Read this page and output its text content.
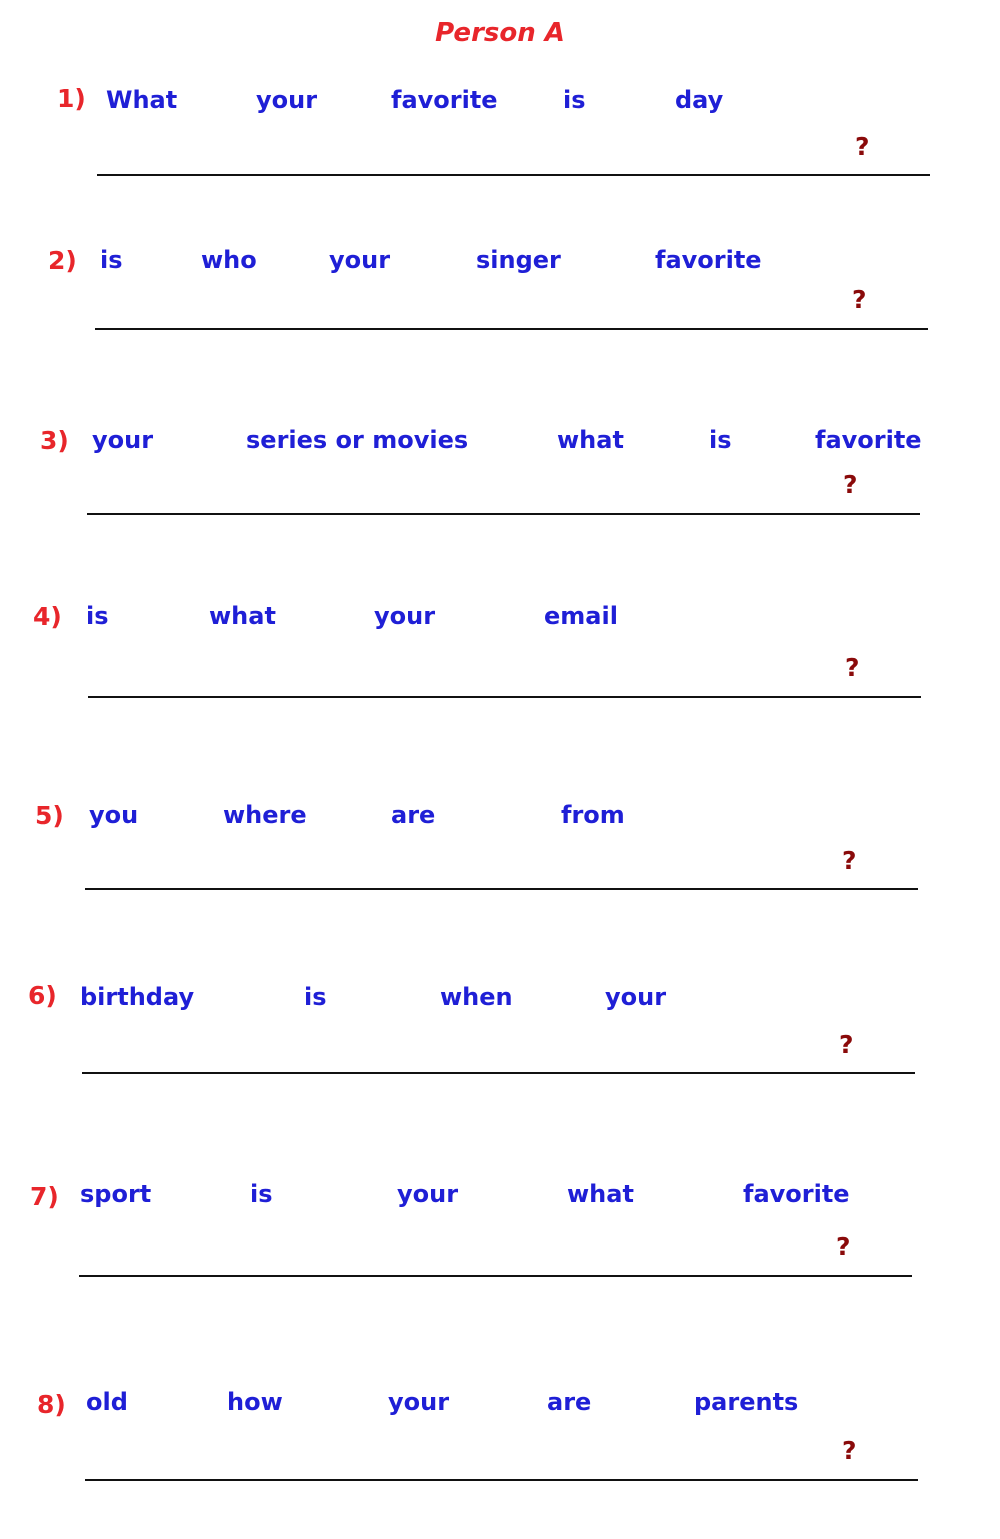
Person A
1) What	your	favorite	is	day
?
2) is	who	your	singer	favorite
?
3) your	series or movies	what	is	favorite
?
4) is	what	your	email
?
5) you	where	are	from
?
6) birthday	is	when	your
?
7) sport	is	your	what	favorite
?
8) old	how	your	are	parents
?
